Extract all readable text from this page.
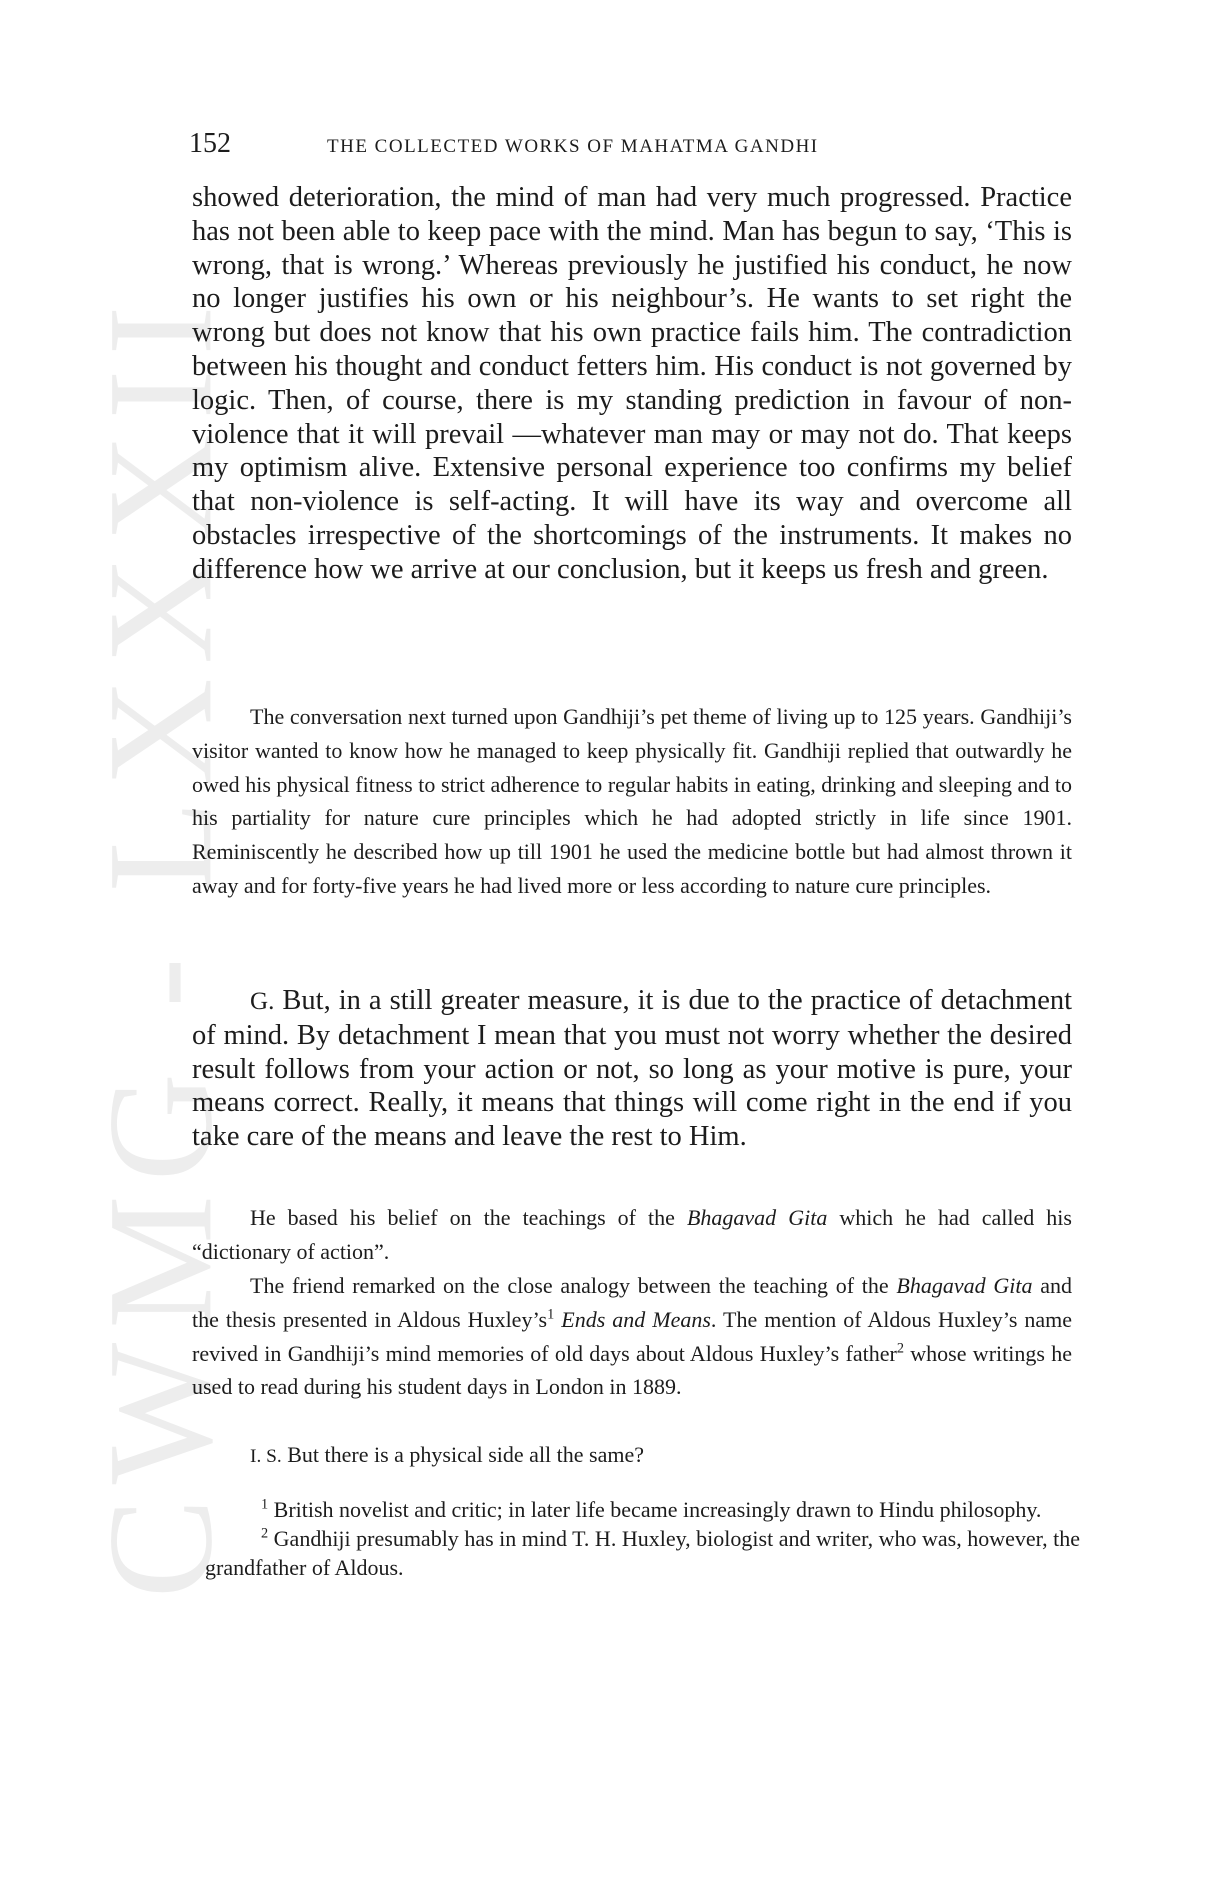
CWMG - LXXXII
152	THE COLLECTED WORKS OF MAHATMA GANDHI

showed deterioration, the mind of man had very much progressed. Practice has not been able to keep pace with the mind. Man has begun to say, ‘This is wrong, that is wrong.’ Whereas previously he justified his conduct, he now no longer justifies his own or his neighbour’s. He wants to set right the wrong but does not know that his own practice fails him. The contradiction between his thought and conduct fetters him. His conduct is not governed by logic. Then, of course, there is my standing prediction in favour of non-violence that it will prevail —whatever man may or may not do. That keeps my optimism alive. Extensive personal experience too confirms my belief that non-violence is self-acting. It will have its way and overcome all obstacles irrespective of the shortcomings of the instruments. It makes no difference how we arrive at our conclusion, but it keeps us fresh and green.

The conversation next turned upon Gandhiji’s pet theme of living up to 125 years. Gandhiji’s visitor wanted to know how he managed to keep physically fit. Gandhiji replied that outwardly he owed his physical fitness to strict adherence to regular habits in eating, drinking and sleeping and to his partiality for nature cure principles which he had adopted strictly in life since 1901. Reminiscently he described how up till 1901 he used the medicine bottle but had almost thrown it away and for forty-five years he had lived more or less according to nature cure principles.

G. But, in a still greater measure, it is due to the practice of detachment of mind. By detachment I mean that you must not worry whether the desired result follows from your action or not, so long as your motive is pure, your means correct. Really, it means that things will come right in the end if you take care of the means and leave the rest to Him.

He based his belief on the teachings of the Bhagavad Gita which he had called his “dictionary of action”.

The friend remarked on the close analogy between the teaching of the Bhagavad Gita and the thesis presented in Aldous $Huxley’s^1$ Ends and Means. The mention of Aldous Huxley’s name revived in Gandhiji’s mind memories of old days about Aldous Huxley’s father$^2$ whose writings he used to read during his student days in London in 1889.

I. S. But there is a physical side all the same?

$^1$ British novelist and critic; in later life became increasingly drawn to Hindu philosophy.

$^2$ Gandhiji presumably has in mind T. H. Huxley, biologist and writer, who was, however, the grandfather of Aldous.
